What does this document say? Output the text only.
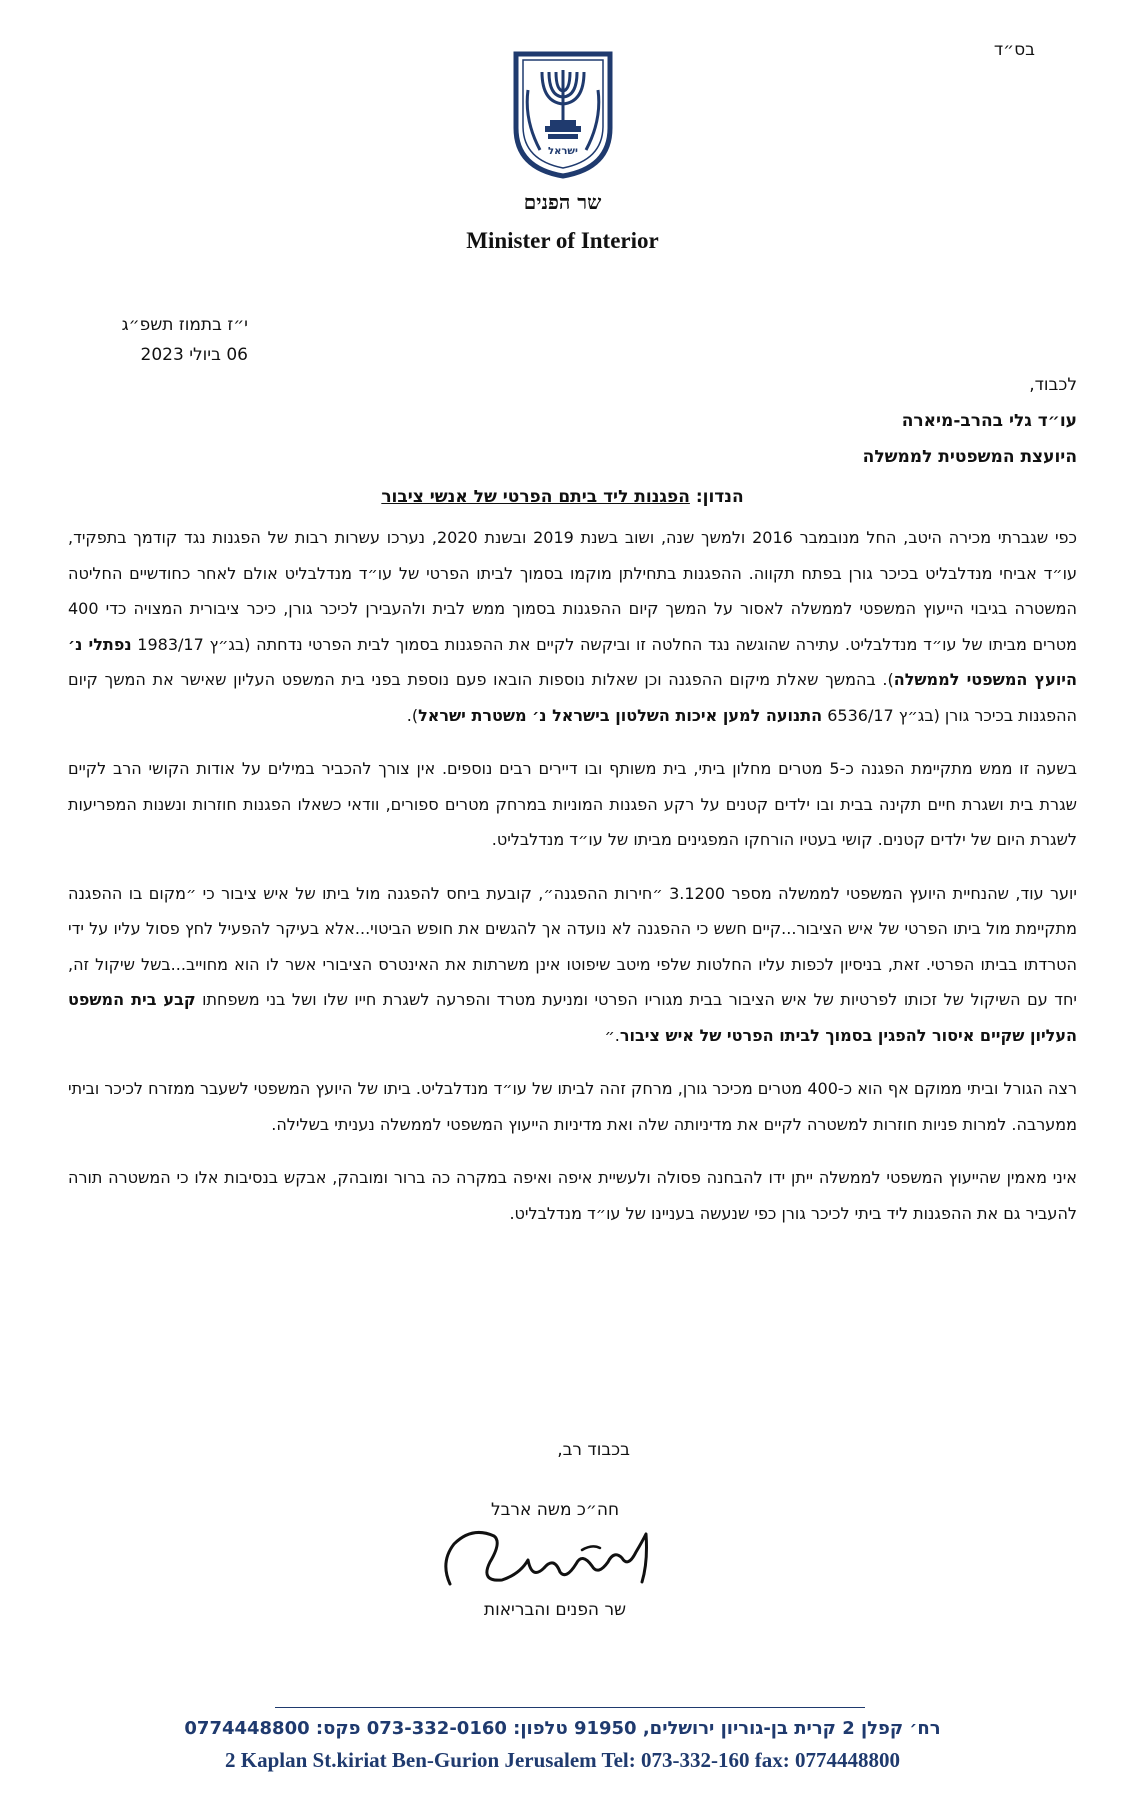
בס״ד
ישראל
שר הפנים
Minister of Interior
י״ז בתמוז תשפ״ג
06 ביולי 2023
לכבוד,
עו״ד גלי בהרב-מיארה
היועצת המשפטית לממשלה
הנדון: הפגנות ליד ביתם הפרטי של אנשי ציבור

כפי שגברתי מכירה היטב, החל מנובמבר 2016 ולמשך שנה, ושוב בשנת 2019 ובשנת 2020, נערכו עשרות רבות של הפגנות נגד קודמך בתפקיד, עו״ד אביחי מנדלבליט בכיכר גורן בפתח תקווה. ההפגנות בתחילתן מוקמו בסמוך לביתו הפרטי של עו״ד מנדלבליט אולם לאחר כחודשיים החליטה המשטרה בגיבוי הייעוץ המשפטי לממשלה לאסור על המשך קיום ההפגנות בסמוך ממש לבית ולהעבירן לכיכר גורן, כיכר ציבורית המצויה כדי 400 מטרים מביתו של עו״ד מנדלבליט. עתירה שהוגשה נגד החלטה זו וביקשה לקיים את ההפגנות בסמוך לבית הפרטי נדחתה (בג״ץ 1983/17 נפתלי נ׳ היועץ המשפטי לממשלה). בהמשך שאלת מיקום ההפגנה וכן שאלות נוספות הובאו פעם נוספת בפני בית המשפט העליון שאישר את המשך קיום ההפגנות בכיכר גורן (בג״ץ 6536/17 התנועה למען איכות השלטון בישראל נ׳ משטרת ישראל).

בשעה זו ממש מתקיימת הפגנה כ-5 מטרים מחלון ביתי, בית משותף ובו דיירים רבים נוספים. אין צורך להכביר במילים על אודות הקושי הרב לקיים שגרת בית ושגרת חיים תקינה בבית ובו ילדים קטנים על רקע הפגנות המוניות במרחק מטרים ספורים, וודאי כשאלו הפגנות חוזרות ונשנות המפריעות לשגרת היום של ילדים קטנים. קושי בעטיו הורחקו המפגינים מביתו של עו״ד מנדלבליט.

יוער עוד, שהנחיית היועץ המשפטי לממשלה מספר 3.1200 ״חירות ההפגנה״, קובעת ביחס להפגנה מול ביתו של איש ציבור כי ״מקום בו ההפגנה מתקיימת מול ביתו הפרטי של איש הציבור...קיים חשש כי ההפגנה לא נועדה אך להגשים את חופש הביטוי...אלא בעיקר להפעיל לחץ פסול עליו על ידי הטרדתו בביתו הפרטי. זאת, בניסיון לכפות עליו החלטות שלפי מיטב שיפוטו אינן משרתות את האינטרס הציבורי אשר לו הוא מחוייב...בשל שיקול זה, יחד עם השיקול של זכותו לפרטיות של איש הציבור בבית מגוריו הפרטי ומניעת מטרד והפרעה לשגרת חייו שלו ושל בני משפחתו קבע בית המשפט העליון שקיים איסור להפגין בסמוך לביתו הפרטי של איש ציבור.״

רצה הגורל וביתי ממוקם אף הוא כ-400 מטרים מכיכר גורן, מרחק זהה לביתו של עו״ד מנדלבליט. ביתו של היועץ המשפטי לשעבר ממזרח לכיכר וביתי ממערבה. למרות פניות חוזרות למשטרה לקיים את מדיניותה שלה ואת מדיניות הייעוץ המשפטי לממשלה נעניתי בשלילה.

איני מאמין שהייעוץ המשפטי לממשלה ייתן ידו להבחנה פסולה ולעשיית איפה ואיפה במקרה כה ברור ומובהק, אבקש בנסיבות אלו כי המשטרה תורה להעביר גם את ההפגנות ליד ביתי לכיכר גורן כפי שנעשה בעניינו של עו״ד מנדלבליט.

בכבוד רב,
חה״כ משה ארבל
שר הפנים והבריאות
רח׳ קפלן 2 קרית בן-גוריון ירושלים, 91950 טלפון: 073-332-0160 פקס: 0774448800
2 Kaplan St.kiriat Ben-Gurion Jerusalem Tel: 073-332-160 fax: 0774448800
